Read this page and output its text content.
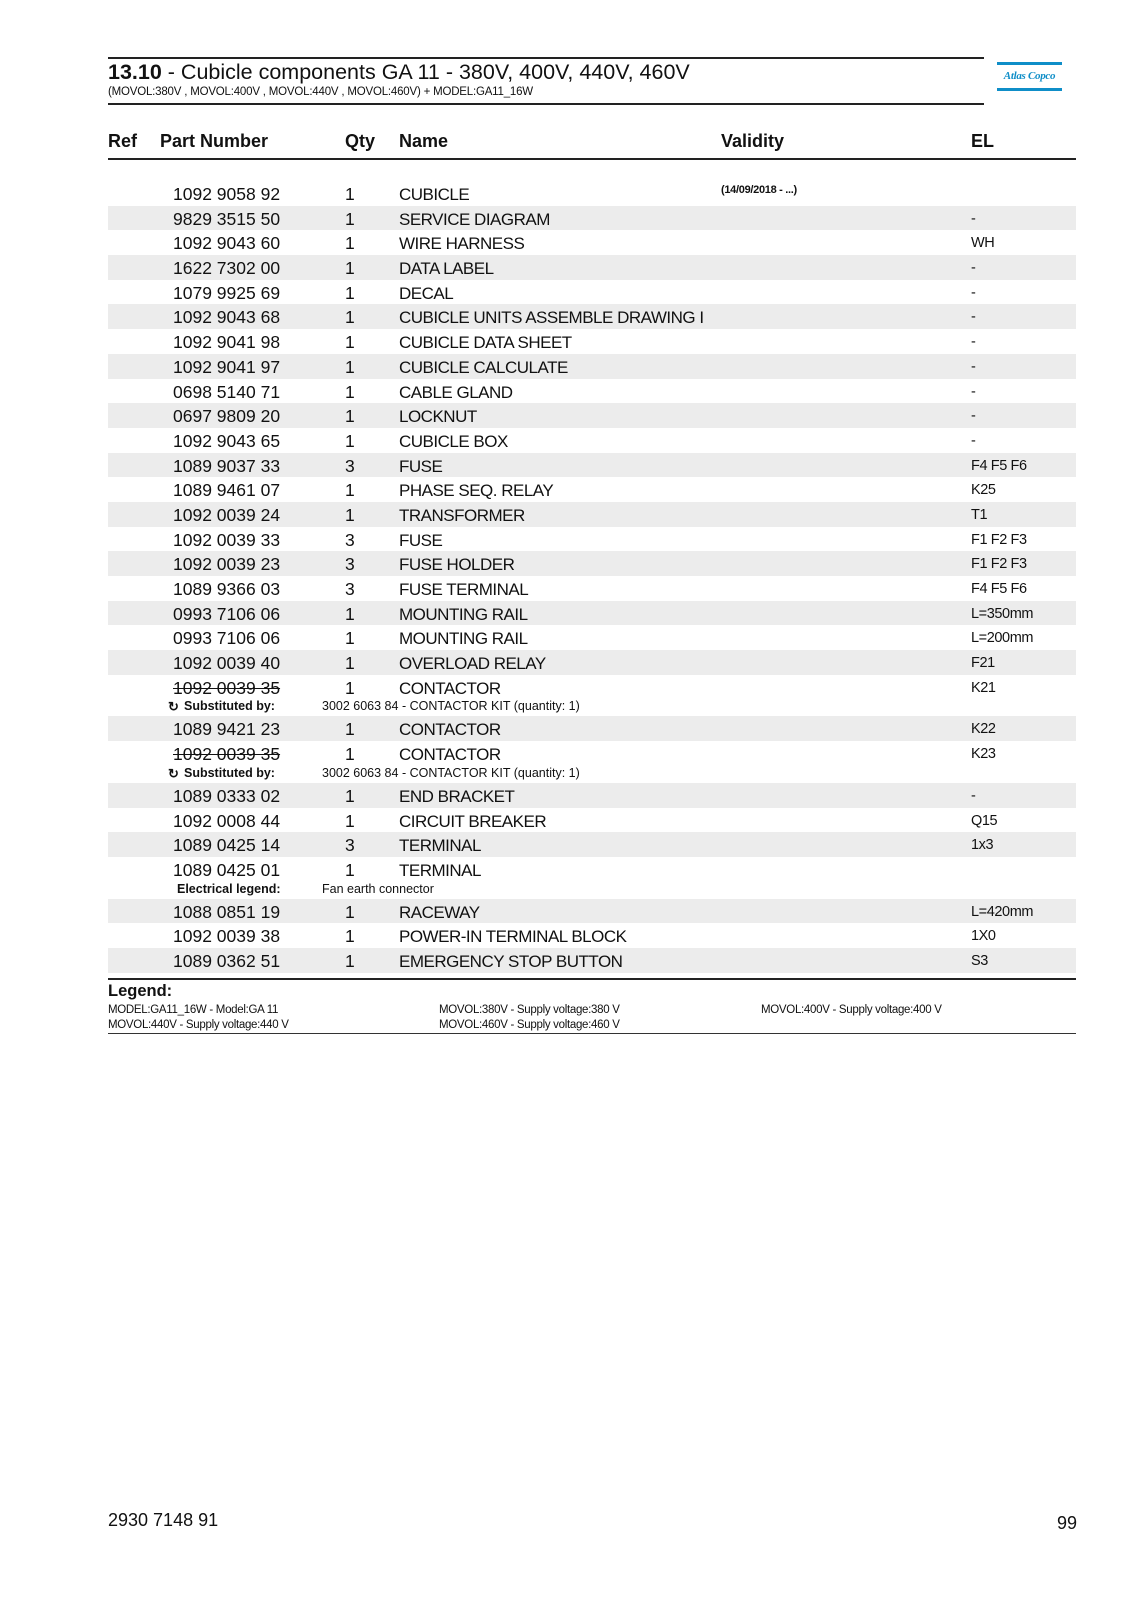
13.10 - Cubicle components GA 11 - 380V, 400V, 440V, 460V
(MOVOL:380V , MOVOL:400V , MOVOL:440V , MOVOL:460V) + MODEL:GA11_16W
Atlas Copco
Ref Part Number	Qty Name	Validity	EL
1092 9058 92	1	CUBICLE	(14/09/2018 - ...)
9829 3515 50	1	SERVICE DIAGRAM	-
1092 9043 60	1	WIRE HARNESS	WH
1622 7302 00	1	DATA LABEL	-
1079 9925 69	1	DECAL	-
1092 9043 68	1	CUBICLE UNITS ASSEMBLE DRAWING I	-
1092 9041 98	1	CUBICLE DATA SHEET	-
1092 9041 97	1	CUBICLE CALCULATE	-
0698 5140 71	1	CABLE GLAND	-
0697 9809 20	1	LOCKNUT	-
1092 9043 65	1	CUBICLE BOX	-
1089 9037 33	3	FUSE	F4 F5 F6
1089 9461 07	1	PHASE SEQ. RELAY	K25
1092 0039 24	1	TRANSFORMER	T1
1092 0039 33	3	FUSE	F1 F2 F3
1092 0039 23	3	FUSE HOLDER	F1 F2 F3
1089 9366 03	3	FUSE TERMINAL	F4 F5 F6
0993 7106 06	1	MOUNTING RAIL	L=350mm
0993 7106 06	1	MOUNTING RAIL	L=200mm
1092 0039 40	1	OVERLOAD RELAY	F21
1092 0039 35	1	CONTACTOR	K21
↻ Substituted by:	3002 6063 84 - CONTACTOR KIT (quantity: 1)
1089 9421 23	1	CONTACTOR	K22
1092 0039 35	1	CONTACTOR	K23
↻ Substituted by:	3002 6063 84 - CONTACTOR KIT (quantity: 1)
1089 0333 02	1	END BRACKET	-
1092 0008 44	1	CIRCUIT BREAKER	Q15
1089 0425 14	3	TERMINAL	1x3
1089 0425 01	1	TERMINAL
Electrical legend:	Fan earth connector
1088 0851 19	1	RACEWAY	L=420mm
1092 0039 38	1	POWER-IN TERMINAL BLOCK	1X0
1089 0362 51	1	EMERGENCY STOP BUTTON	S3
Legend:
MODEL:GA11_16W - Model:GA 11	MOVOL:380V - Supply voltage:380 V	MOVOL:400V - Supply voltage:400 V
MOVOL:440V - Supply voltage:440 V	MOVOL:460V - Supply voltage:460 V
2930 7148 91	99
